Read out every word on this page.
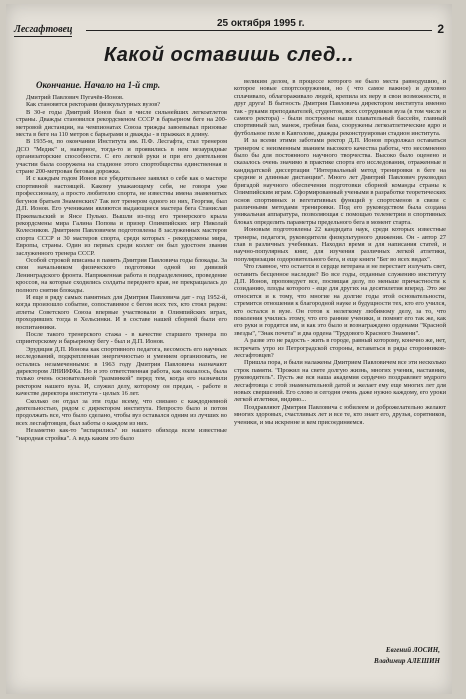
Лесгафтовец
25 октября 1995 г.	2
Какой оставишь след...
Окончание. Начало на 1-й стр.

Дмитрий Павлович Пугачёв-Ионов.

Как становятся ректорами физкультурных вузов?

В 30-е годы Дмитрий Ионов был в числе сильнейших легкоатлетов страны. Дважды становился рекордсменом СССР в барьерном беге на 200-метровой дистанции, на чемпионатах Союза трижды завоевывал призовые места в беге на 110 метров с барьерами и дважды - в прыжках в длину.

В 1935-м, по окончании Института им. П.Ф. Лесгафта, стал тренером ДСО "Медик" и, наверное, тогда-то и проявились в нем незаурядные организаторские способности. С его легкой руки и при его деятельном участии была сооружена на стадионе этого спортобщества единственная в стране 200-метровая беговая дорожка.

И с каждым годом Ионов все убедительнее заявлял о себе как о мастере спортивной настоящей. Какому уважающему себя, не говоря уже профессионалу, а просто любителю спорта, не известны имена знаменитых бегунов братьев Знаменских? Так вот тренером одного из них, Георгия, был Д.П. Ионов. Его учениками являются выдающиеся мастера бега Станислав Пржевальский и Янсе Пулько. Вышли из-под его тренерского крыла рекордсмены мира Галина Попова и призер Олимпийских игр Николай Колесников. Дмитрием Павловичем подготовлены 8 заслуженных мастеров спорта СССР и 30 мастеров спорта, среди которых - рекордсмены мира, Европы, страны. Один из первых среди коллег он был удостоен звания заслуженного тренера СССР.

Особой строкой вписаны в память Дмитрия Павловича годы блокады. За свои начальником физического подготовки одной из дивизий Ленинградского фронта. Напряженная работа в подразделениях, проведение кроссов, на которые сходились солдаты переднего края, не прекращалась до полного снятия блокады.

И еще в ряду самых памятных для Дмитрия Павловича дат - год 1952-й, когда произошло событие, сопоставимое с бегом всех тех, кто стоял рядом: атлеты Советского Союза впервые участвовали в Олимпийских играх, проходивших тогда в Хельсинки. И в составе нашей сборной были его воспитанники.

После такого тренерского стажа - в качестве старшего тренера по спринтерскому и барьерному бегу - был и Д.П. Ионов.

Эрудиция Д.П. Ионова как спортивного педагога, весомость его научных исследований, подкрепленная энергичностью и умением организовать, не остались незамеченными: в 1963 году Дмитрия Павловича назначают директором ЛНИИФКа. Но и это ответственная работа, как оказалось, была только очень основательной "разминкой" перед тем, когда его назначили ректором нашего вуза. И, служил делу, которому он предан, - работе в качестве директора института - целых 16 лет.

Сколько он отдал за эти годы всему, что связано с каждодневной деятельностью, рядом с директором института. Непросто было и потом продолжать все, что было сделано, чтобы вуз оставался одним из лучших во всех лесгафтовцев, был заботы о каждом из них.

Незаметно как-то "испарились" из нашего обихода всем известные "народная стройка". А ведь каким это было

великим делом, в процессе которого не было места равнодушию, и которое новые спортсооружения, но ( что самое важное) и духовно сплачивало, облагораживало людей, крепила их веру в свои возможности, в друг друга! В бытность Дмитрия Павловича директором института именно так - руками преподавателей, студентов, всех сотрудников вуза (в том числе и самого ректора) - были построены наши плавательный бассейн, главный спортивный зал, манеж, гребная база, сооружены легкоатлетические ядро и футбольное поле в Кавголове, дважды реконструирован стадион института.

И за всеми этими заботами ректор Д.П. Ионов продолжал оставаться тренером с неизменным званием высокого качества работы, что несомненно было бы для постоянного научного творчества. Высоко было оценено и сказалось очень значимо в практике спорта его исследования, отраженные в кандидатской диссертации "Интервальный метод тренировки в беге на средние и длинные дистанции". Много лет Дмитрий Павлович руководил бригадой научного обеспечения подготовки сборной команды страны к Олимпийским играм. Сформированный учеными в разработке теоретических основ спортивных и вегетативных функций у спортсменов в связи с различными методами тренировки. Под его руководством была создана уникальная аппаратура, позволяющая с помощью телеметрии в спортивных блоках определить параметры предельного бега в момент старта.

Ионовым подготовлены 22 кандидата наук, среди которых известные тренеры, педагоги, руководители физкультурного движения. Он - автор 27 глав в различных учебниках. Находил время и для написания статей, и научно-популярных книг, для изучения различных легкой атлетики, популяризации оздоровительного бега, и еще книги "Бег во всех видах".

Что главное, что остается в сердце ветерана и не перестает излучать свет, оставить бесценное наследие? Во все годы, отданные служению институту Д.П. Ионов, проповедует все, посвящая делу, по меньше причастности к созиданию, плоды которого - еще для других на десятилетия вперед. Это же относится и к тому, что многие на долгие годы этой основательности, стремится отношения к благородной науке и будущности тех, кто его учился, кто остался в вузе. Он готов к нелегкому любимому делу, за то, что поколения учились этому, что его ранние ученики, и помнят его так же, как его руки и гордятся им, и как это было и вознаграждено орденами "Красной звезды", "Знак почета" и два ордена "Трудового Красного Знамени".

А разве это не радость - жить в городе, равный которому, конечно же, нет, встречать утро из Петроградской стороны, вставаться в ряды сторонников-лесгафтовцев?

Пришла пора, и были налажены Дмитрием Павловичем все эти несколько строк памяти. "Прожил на свете долгую жизнь, многих ученик, наставник, руководитель". Пусть же вся наша академия сердечно поздравляет мудрого лесгафтовца с этой знаменательной датой и желает ему еще многих лет для новых свершений. Его слово и сегодня очень даже нужно каждому, его уроки легкой атлетики, видимо...

Поздравляют Дмитрия Павловича с юбилеем и доброжелательно желают многих здоровых, счастливых лет и все те, кто знает его, друзья, сорятников, ученики, и мы искренне и кем присоединяемся.

Евгений ЛОСИН,
Владимир АЛЕШИН
